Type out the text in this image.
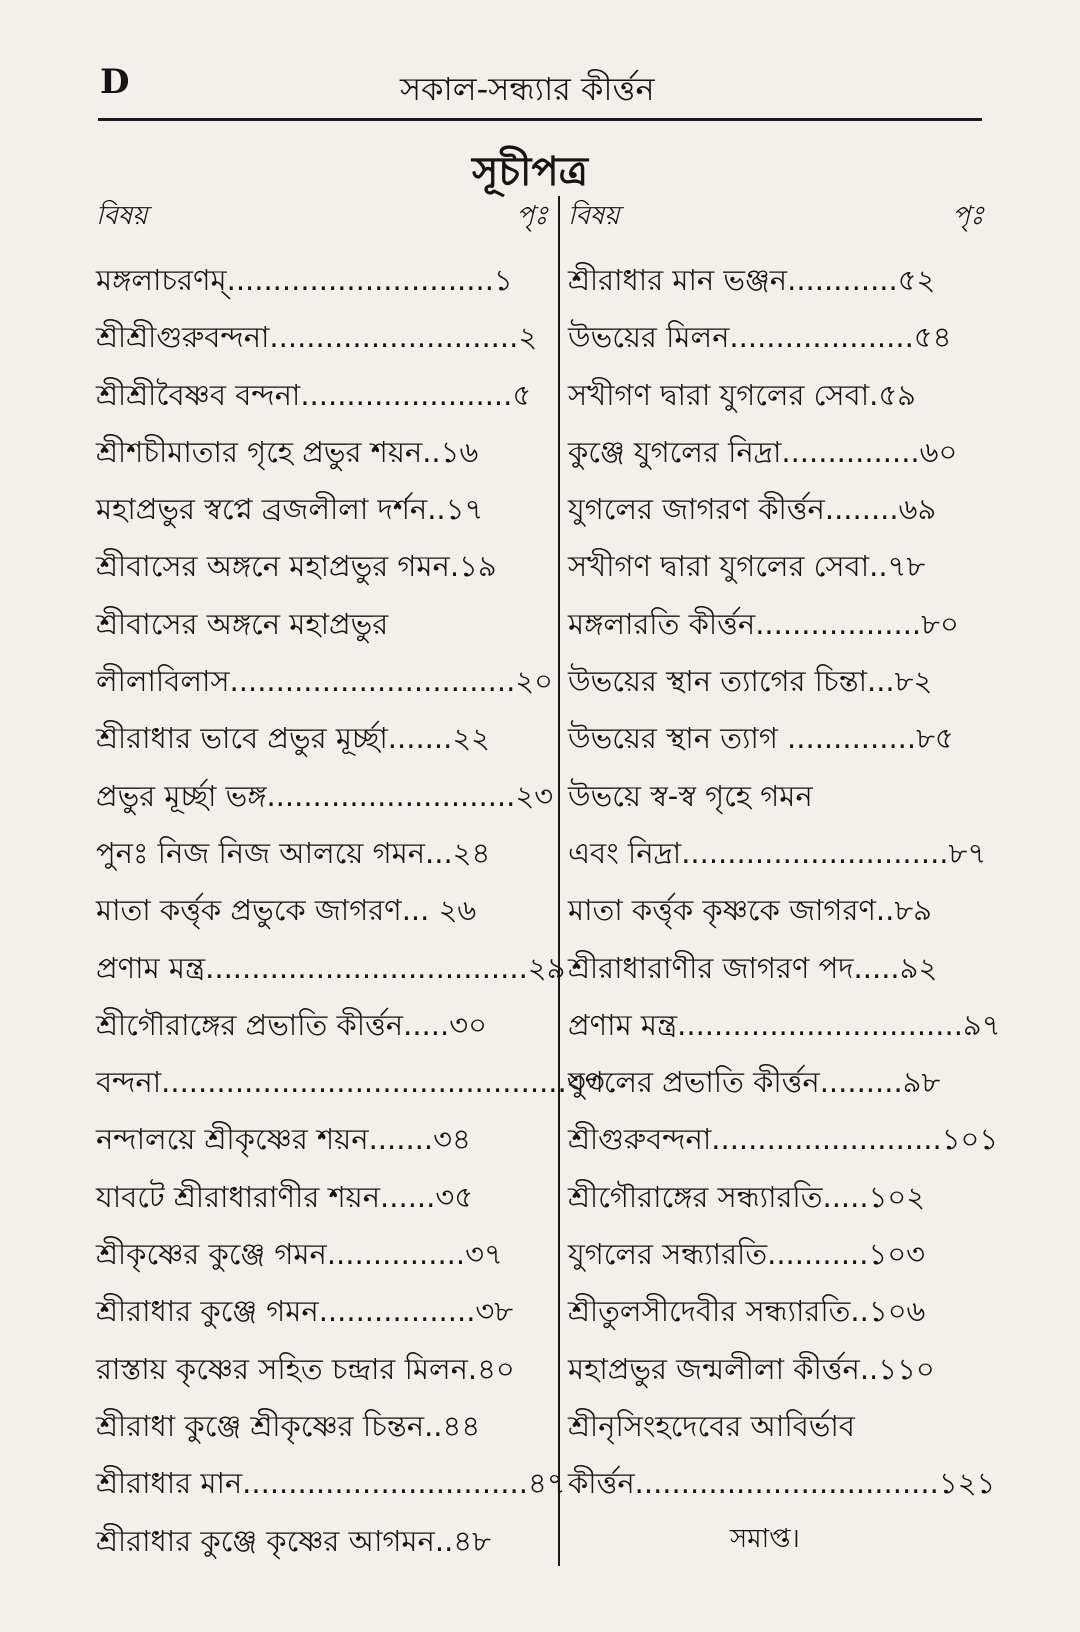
D	সকাল-সন্ধ্যার কীর্ত্তন
সূচীপত্র
বিষয়	পৃঃ
মঙ্গলাচরণম্.............................১
শ্রীশ্রীগুরুবন্দনা...........................২
শ্রীশ্রীবৈষ্ণব বন্দনা.......................৫
শ্রীশচীমাতার গৃহে প্রভুর শয়ন..১৬
মহাপ্রভুর স্বপ্নে ব্রজলীলা দর্শন..১৭
শ্রীবাসের অঙ্গনে মহাপ্রভুর গমন.১৯
শ্রীবাসের অঙ্গনে মহাপ্রভুর
লীলাবিলাস...............................২০
শ্রীরাধার ভাবে প্রভুর মূর্চ্ছা.......২২
প্রভুর মূর্চ্ছা ভঙ্গ...........................২৩
পুনঃ নিজ নিজ আলয়ে গমন...২৪
মাতা কর্ত্তৃক প্রভুকে জাগরণ... ২৬
প্রণাম মন্ত্র...................................২৯
শ্রীগৌরাঙ্গের প্রভাতি কীর্ত্তন.....৩০
বন্দনা............................................৩৩
নন্দালয়ে শ্রীকৃষ্ণের শয়ন.......৩৪
যাবটে শ্রীরাধারাণীর শয়ন......৩৫
শ্রীকৃষ্ণের কুঞ্জে গমন...............৩৭
শ্রীরাধার কুঞ্জে গমন.................৩৮
রাস্তায় কৃষ্ণের সহিত চন্দ্রার মিলন.৪০
শ্রীরাধা কুঞ্জে শ্রীকৃষ্ণের চিন্তন..৪৪
শ্রীরাধার মান...............................৪৭
শ্রীরাধার কুঞ্জে কৃষ্ণের আগমন..৪৮
বিষয়	পৃঃ
শ্রীরাধার মান ভঞ্জন............৫২
উভয়ের মিলন....................৫৪
সখীগণ দ্বারা যুগলের সেবা.৫৯
কুঞ্জে যুগলের নিদ্রা...............৬০
যুগলের জাগরণ কীর্ত্তন........৬৯
সখীগণ দ্বারা যুগলের সেবা..৭৮
মঙ্গলারতি কীর্ত্তন..................৮০
উভয়ের স্থান ত্যাগের চিন্তা...৮২
উভয়ের স্থান ত্যাগ ..............৮৫
উভয়ে স্ব-স্ব গৃহে গমন
এবং নিদ্রা.............................৮৭
মাতা কর্ত্তৃক কৃষ্ণকে জাগরণ..৮৯
শ্রীরাধারাণীর জাগরণ পদ.....৯২
প্রণাম মন্ত্র...............................৯৭
যুগলের প্রভাতি কীর্ত্তন.........৯৮
শ্রীগুরুবন্দনা.........................১০১
শ্রীগৌরাঙ্গের সন্ধ্যারতি.....১০২
যুগলের সন্ধ্যারতি...........১০৩
শ্রীতুলসীদেবীর সন্ধ্যারতি..১০৬
মহাপ্রভুর জন্মলীলা কীর্ত্তন..১১০
শ্রীনৃসিংহদেবের আবির্ভাব
কীর্ত্তন.................................১২১
সমাপ্ত।
